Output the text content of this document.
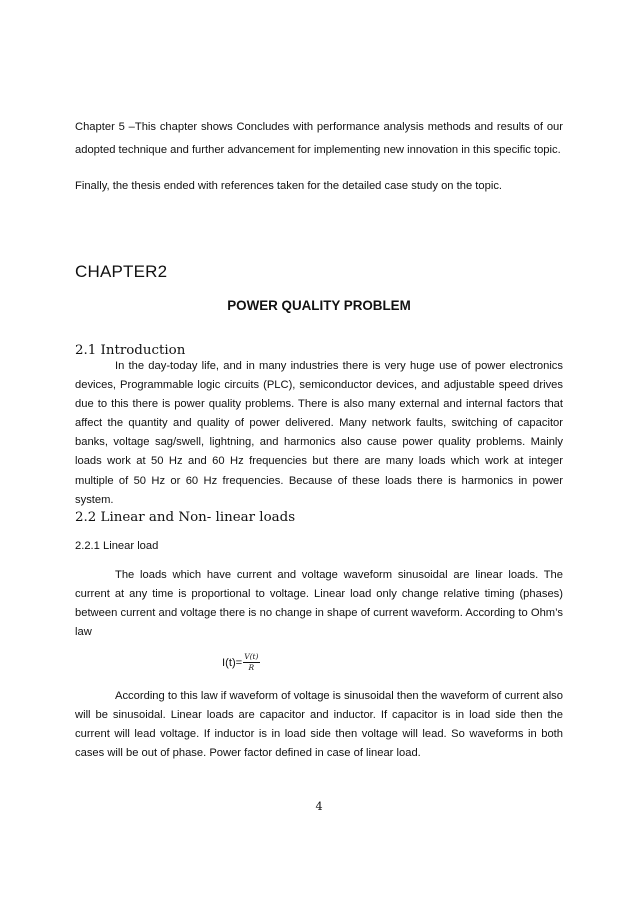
Chapter 5 –This chapter shows Concludes with performance analysis methods and results of our adopted technique and further advancement for implementing new innovation in this specific topic.

Finally, the thesis ended with references taken for the detailed case study on the topic.

CHAPTER2
POWER QUALITY PROBLEM
2.1 Introduction

In the day-today life, and in many industries there is very huge use of power electronics devices, Programmable logic circuits (PLC), semiconductor devices, and adjustable speed drives due to this there is power quality problems. There is also many external and internal factors that affect the quantity and quality of power delivered. Many network faults, switching of capacitor banks, voltage sag/swell, lightning, and harmonics also cause power quality problems. Mainly loads work at 50 Hz and 60 Hz frequencies but there are many loads which work at integer multiple of 50 Hz or 60 Hz frequencies. Because of these loads there is harmonics in power system.

2.2 Linear and Non- linear loads
2.2.1 Linear load

The loads which have current and voltage waveform sinusoidal are linear loads. The current at any time is proportional to voltage. Linear load only change relative timing (phases) between current and voltage there is no change in shape of current waveform. According to Ohm’s law

$I(t)= \frac{V(t)}{R}$

According to this law if waveform of voltage is sinusoidal then the waveform of current also will be sinusoidal. Linear loads are capacitor and inductor. If capacitor is in load side then the current will lead voltage. If inductor is in load side then voltage will lead. So waveforms in both cases will be out of phase. Power factor defined in case of linear load.

4
